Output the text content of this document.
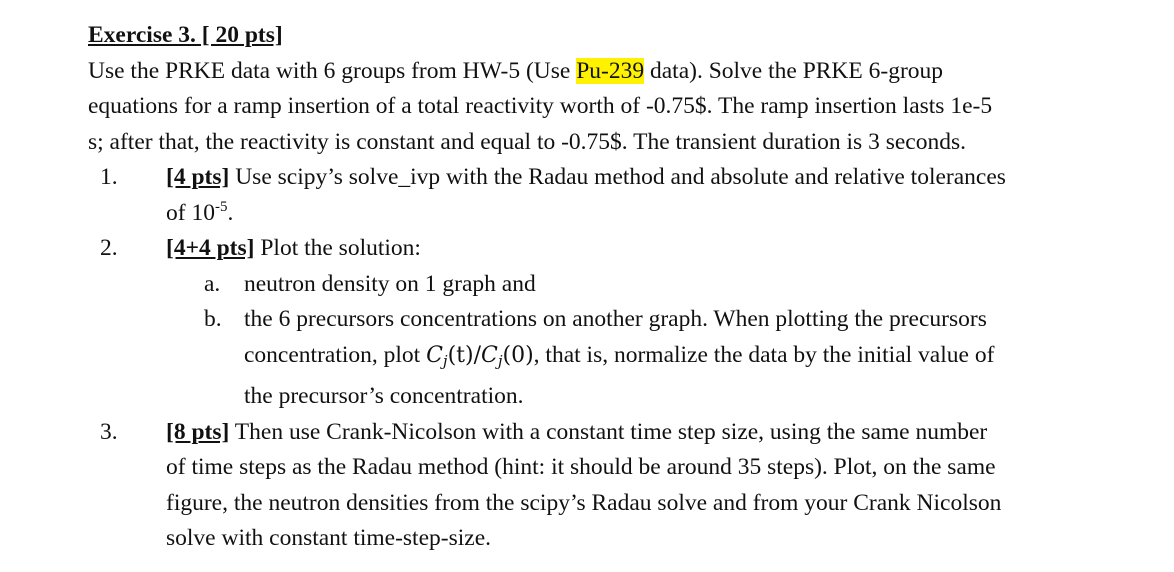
Exercise 3. [ 20 pts]

Use the PRKE data with 6 groups from HW-5 (Use Pu-239 data). Solve the PRKE 6-group

equations for a ramp insertion of a total reactivity worth of -0.75$. The ramp insertion lasts 1e-5

s; after that, the reactivity is constant and equal to -0.75$. The transient duration is 3 seconds.

1. [4 pts] Use scipy’s solve_ivp with the Radau method and absolute and relative tolerances
of $10^{-5}$.
2. [4+4 pts] Plot the solution:
a. neutron density on 1 graph and
b. the 6 precursors concentrations on another graph. When plotting the precursors
concentration, plot Cj(t)/Cj(0), that is, normalize the data by the initial value of
the precursor’s concentration.
3. [8 pts] Then use Crank-Nicolson with a constant time step size, using the same number
of time steps as the Radau method (hint: it should be around 35 steps). Plot, on the same
figure, the neutron densities from the scipy’s Radau solve and from your Crank Nicolson
solve with constant time-step-size.
